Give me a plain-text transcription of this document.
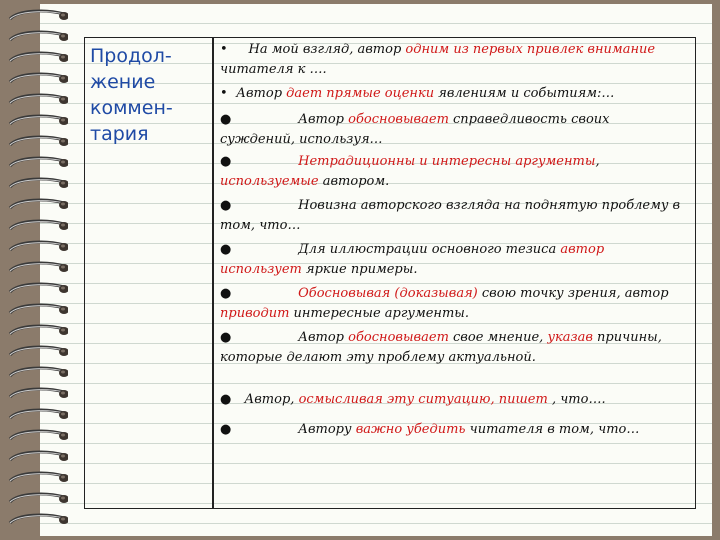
Продол-
жение
коммен-
тария
•    На мой взгляд, автор одним из первых привлек внимание читателя к ….
• Автор дает прямые оценки явлениям и событиям:…
●                Автор обосновывает справедливость своих суждений, используя…
●	Нетрадиционны и интересны аргументы, используемые автором.
●                Новизна авторского взгляда на поднятую проблему в том, что…
●                Для иллюстрации основного тезиса автор использует яркие примеры.
●	Обосновывая (доказывая) свою точку зрения, автор приводит интересные аргументы.
●                Автор обосновывает свое мнение, указав причины, которые делают эту проблему актуальной.
●   Автор, осмысливая эту ситуацию, пишет , что….
●                Автору важно убедить читателя в том, что…
